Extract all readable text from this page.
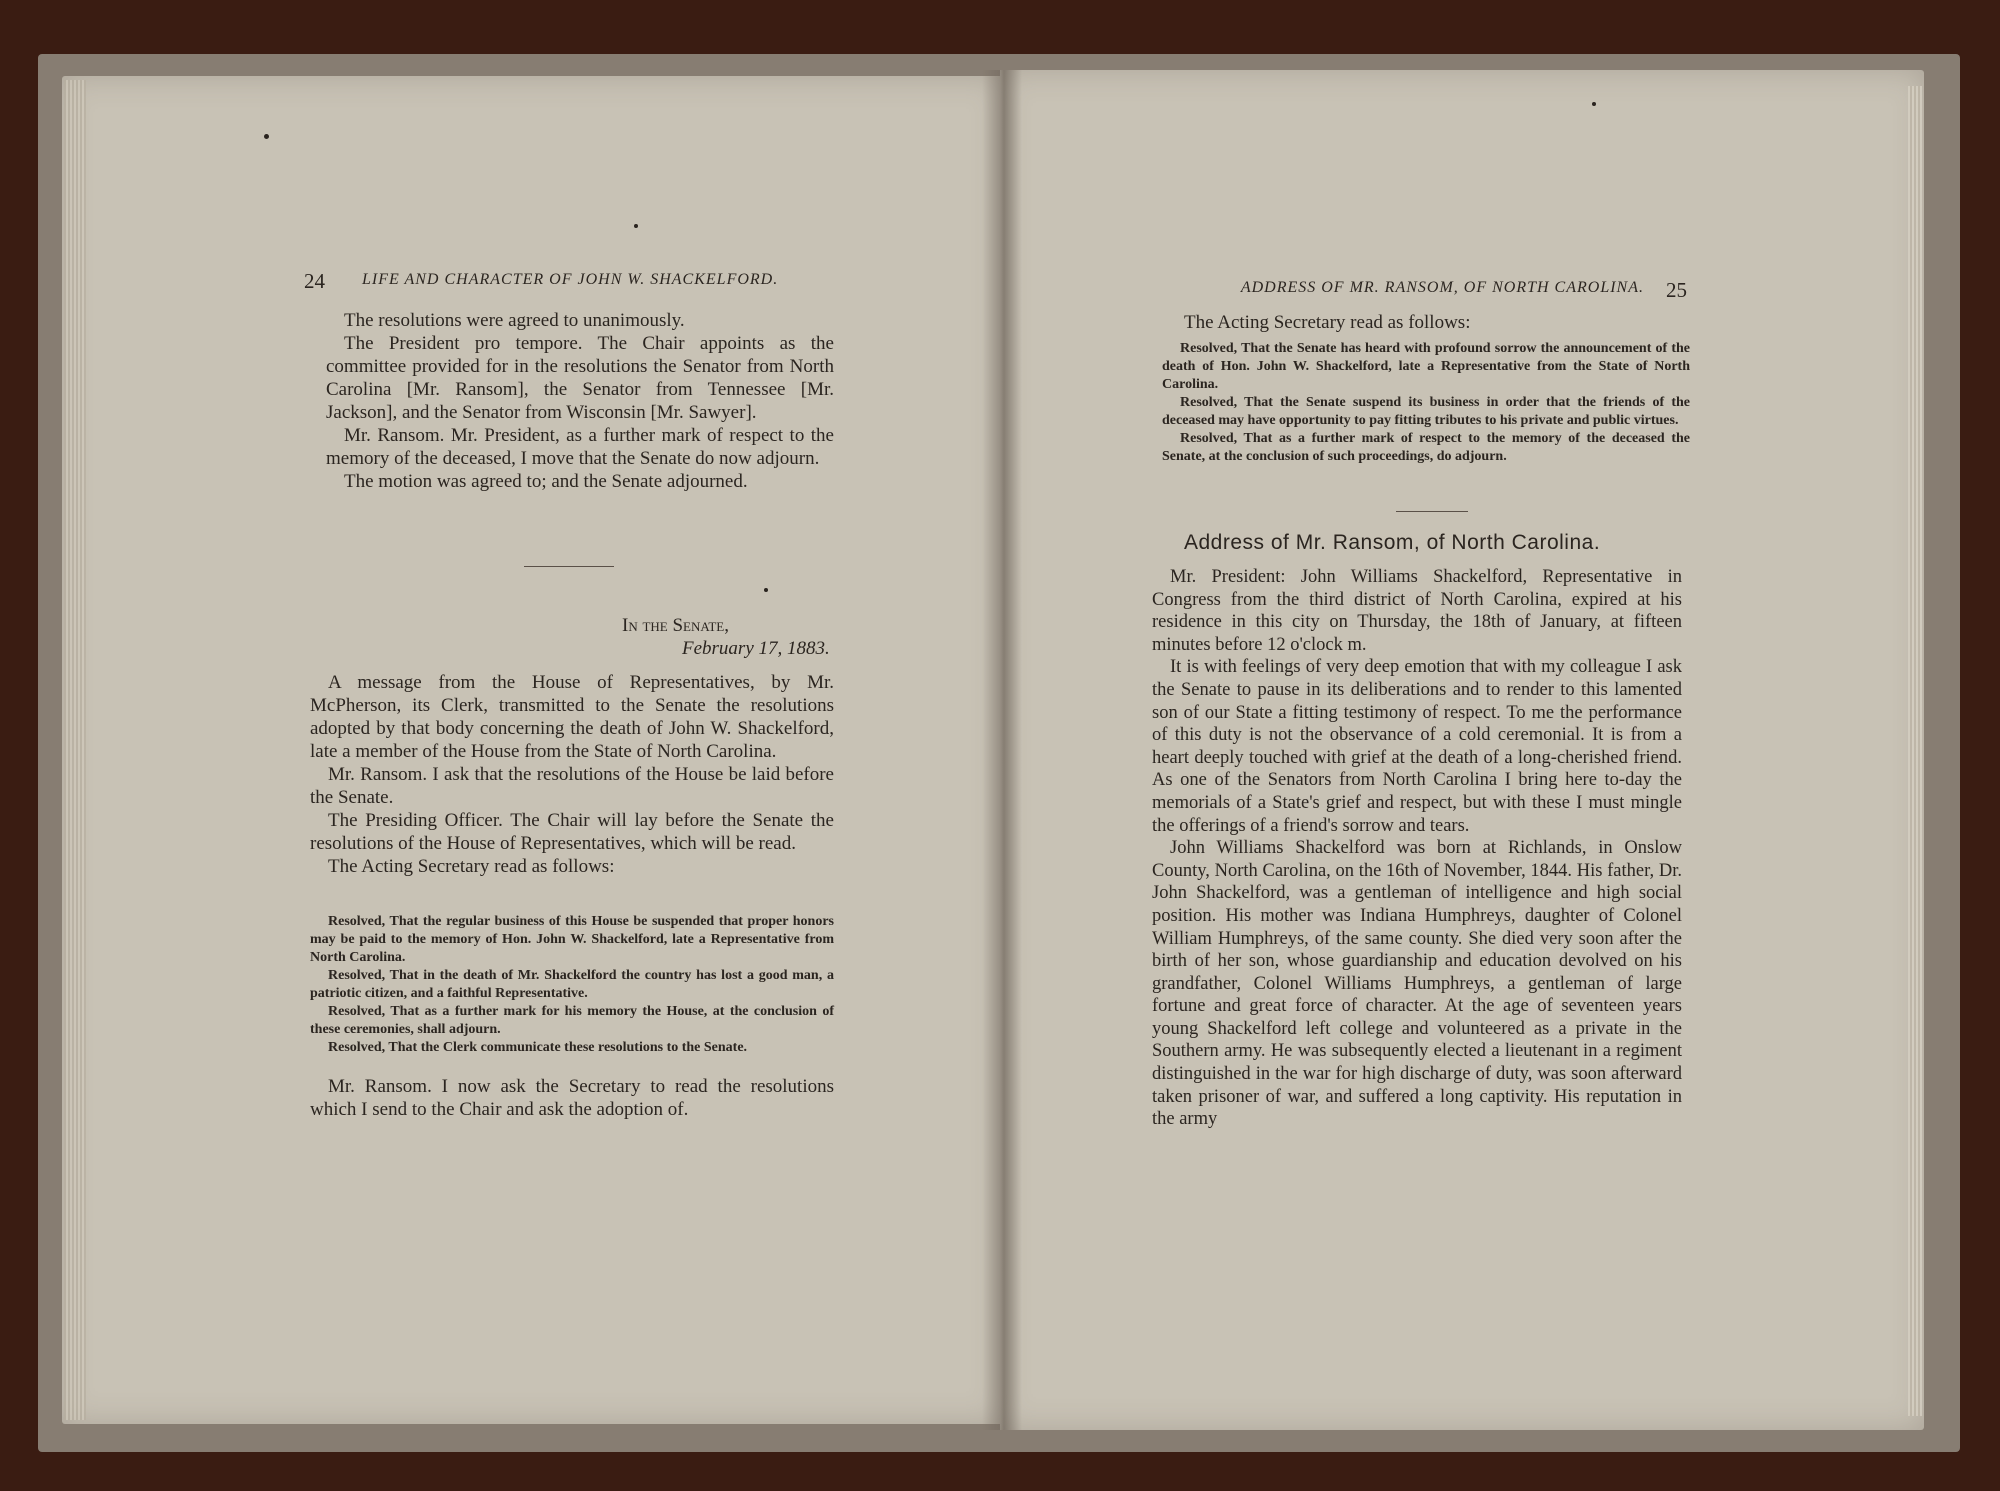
24 LIFE AND CHARACTER OF JOHN W. SHACKELFORD.

The resolutions were agreed to unanimously.

The President pro tempore. The Chair appoints as the committee provided for in the resolutions the Senator from North Carolina [Mr. Ransom], the Senator from Tennessee [Mr. Jackson], and the Senator from Wisconsin [Mr. Sawyer].

Mr. Ransom. Mr. President, as a further mark of respect to the memory of the deceased, I move that the Senate do now adjourn.

The motion was agreed to; and the Senate adjourned.

In the Senate,
February 17, 1883.

A message from the House of Representatives, by Mr. McPherson, its Clerk, transmitted to the Senate the resolutions adopted by that body concerning the death of John W. Shackelford, late a member of the House from the State of North Carolina.

Mr. Ransom. I ask that the resolutions of the House be laid before the Senate.

The Presiding Officer. The Chair will lay before the Senate the resolutions of the House of Representatives, which will be read.

The Acting Secretary read as follows:

Resolved, That the regular business of this House be suspended that proper honors may be paid to the memory of Hon. John W. Shackelford, late a Representative from North Carolina.

Resolved, That in the death of Mr. Shackelford the country has lost a good man, a patriotic citizen, and a faithful Representative.

Resolved, That as a further mark for his memory the House, at the conclusion of these ceremonies, shall adjourn.

Resolved, That the Clerk communicate these resolutions to the Senate.

Mr. Ransom. I now ask the Secretary to read the resolutions which I send to the Chair and ask the adoption of.

ADDRESS OF MR. RANSOM, OF NORTH CAROLINA. 25
The Acting Secretary read as follows:

Resolved, That the Senate has heard with profound sorrow the announcement of the death of Hon. John W. Shackelford, late a Representative from the State of North Carolina.

Resolved, That the Senate suspend its business in order that the friends of the deceased may have opportunity to pay fitting tributes to his private and public virtues.

Resolved, That as a further mark of respect to the memory of the deceased the Senate, at the conclusion of such proceedings, do adjourn.

Address of Mr. Ransom, of North Carolina.

Mr. President: John Williams Shackelford, Representative in Congress from the third district of North Carolina, expired at his residence in this city on Thursday, the 18th of January, at fifteen minutes before 12 o'clock m.

It is with feelings of very deep emotion that with my colleague I ask the Senate to pause in its deliberations and to render to this lamented son of our State a fitting testimony of respect. To me the performance of this duty is not the observance of a cold ceremonial. It is from a heart deeply touched with grief at the death of a long-cherished friend. As one of the Senators from North Carolina I bring here to-day the memorials of a State's grief and respect, but with these I must mingle the offerings of a friend's sorrow and tears.

John Williams Shackelford was born at Richlands, in Onslow County, North Carolina, on the 16th of November, 1844. His father, Dr. John Shackelford, was a gentleman of intelligence and high social position. His mother was Indiana Humphreys, daughter of Colonel William Humphreys, of the same county. She died very soon after the birth of her son, whose guardianship and education devolved on his grandfather, Colonel Williams Humphreys, a gentleman of large fortune and great force of character. At the age of seventeen years young Shackelford left college and volunteered as a private in the Southern army. He was subsequently elected a lieutenant in a regiment distinguished in the war for high discharge of duty, was soon afterward taken prisoner of war, and suffered a long captivity. His reputation in the army
